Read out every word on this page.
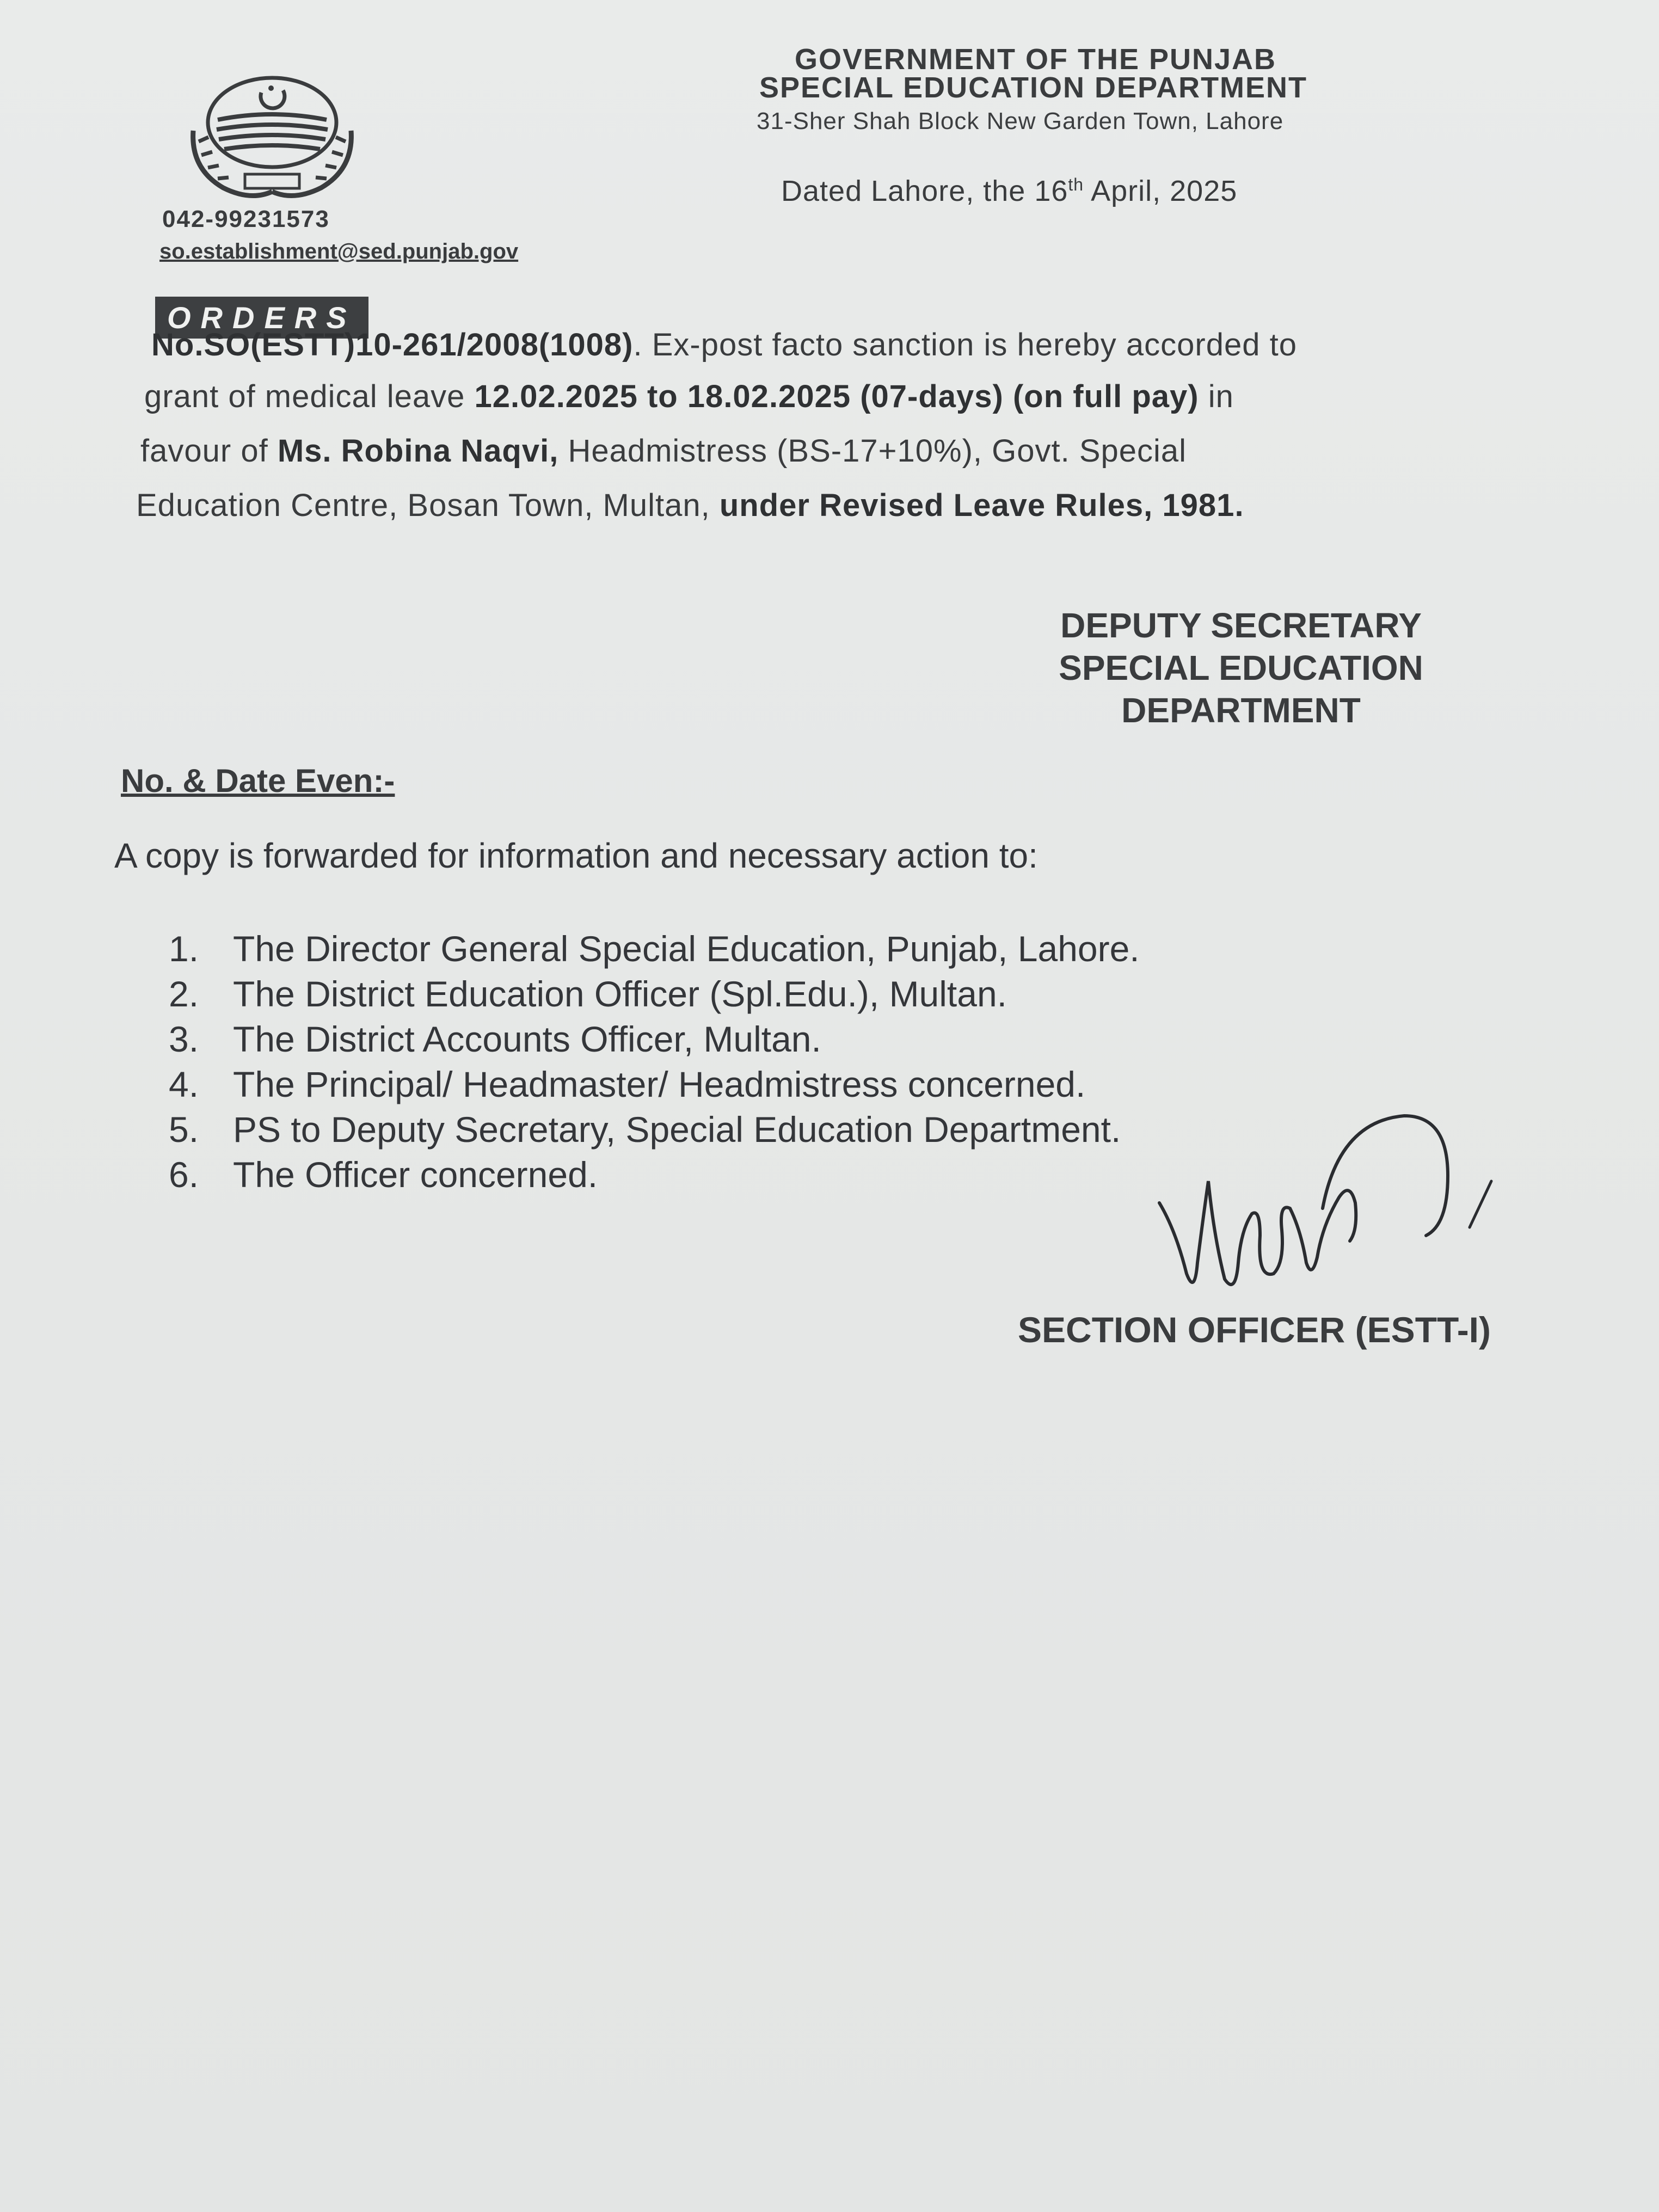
GOVERNMENT OF THE PUNJAB
SPECIAL EDUCATION DEPARTMENT
31-Sher Shah Block New Garden Town, Lahore
Dated Lahore, the 16th April, 2025
042-99231573
so.establishment@sed.punjab.gov
ORDERS
No.SO(ESTT)10-261/2008(1008). Ex-post facto sanction is hereby accorded to
grant of medical leave 12.02.2025 to 18.02.2025 (07-days) (on full pay) in
favour of Ms. Robina Naqvi, Headmistress (BS-17+10%), Govt. Special
Education Centre, Bosan Town, Multan, under Revised Leave Rules, 1981.
DEPUTY SECRETARY
SPECIAL EDUCATION
DEPARTMENT
No. & Date Even:-
A copy is forwarded for information and necessary action to:
1. The Director General Special Education, Punjab, Lahore.
2. The District Education Officer (Spl.Edu.), Multan.
3. The District Accounts Officer, Multan.
4. The Principal/ Headmaster/ Headmistress concerned.
5. PS to Deputy Secretary, Special Education Department.
6. The Officer concerned.
SECTION OFFICER (ESTT-I)
